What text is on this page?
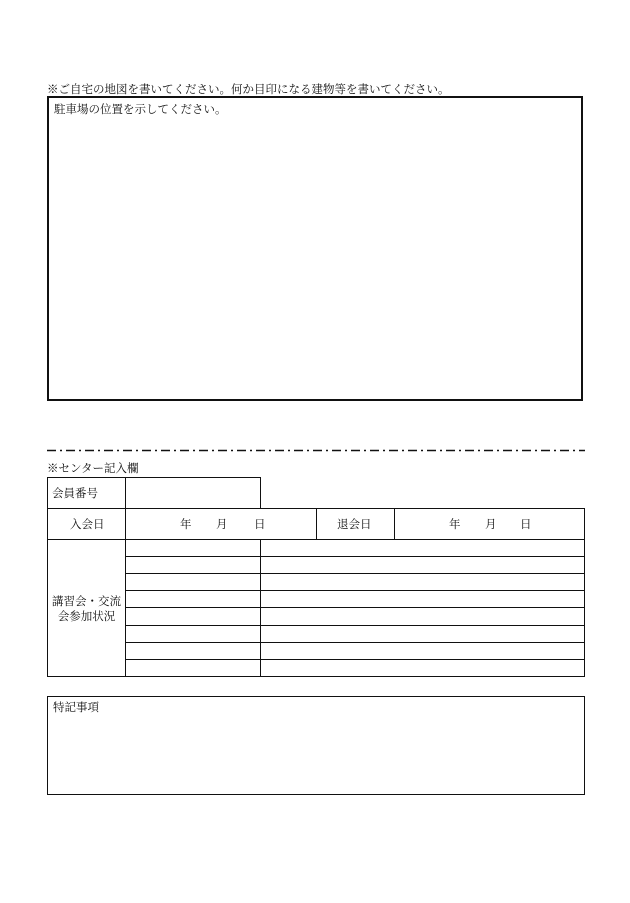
※ご自宅の地図を書いてください。何か目印になる建物等を書いてください。
駐車場の位置を示してください。
※センター記入欄
会員番号
入会日	年 月 日	退会日	年 月 日
講習会・交流
会参加状況
特記事項
